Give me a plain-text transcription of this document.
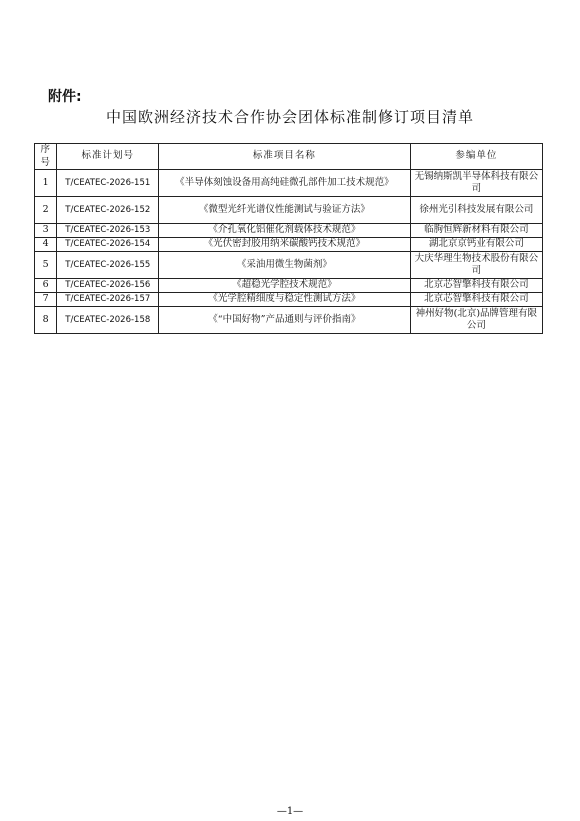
附件:
中国欧洲经济技术合作协会团体标准制修订项目清单
序号	标准计划号	标准项目名称	参编单位
1	T/CEATEC-2026-151	《半导体刻蚀设备用高纯硅微孔部件加工技术规范》	无锡纳斯凯半导体科技有限公司
2	T/CEATEC-2026-152	《微型光纤光谱仪性能测试与验证方法》	徐州光引科技发展有限公司
3	T/CEATEC-2026-153	《介孔氧化铝催化剂载体技术规范》	临朐恒辉新材料有限公司
4	T/CEATEC-2026-154	《光伏密封胶用纳米碳酸钙技术规范》	湖北京京钙业有限公司
5	T/CEATEC-2026-155	《采油用微生物菌剂》	大庆华理生物技术股份有限公司
6	T/CEATEC-2026-156	《超稳光学腔技术规范》	北京芯智擎科技有限公司
7	T/CEATEC-2026-157	《光学腔精细度与稳定性测试方法》	北京芯智擎科技有限公司
8	T/CEATEC-2026-158	《“中国好物”产品通则与评价指南》	神州好物(北京)品牌管理有限公司
—1—
